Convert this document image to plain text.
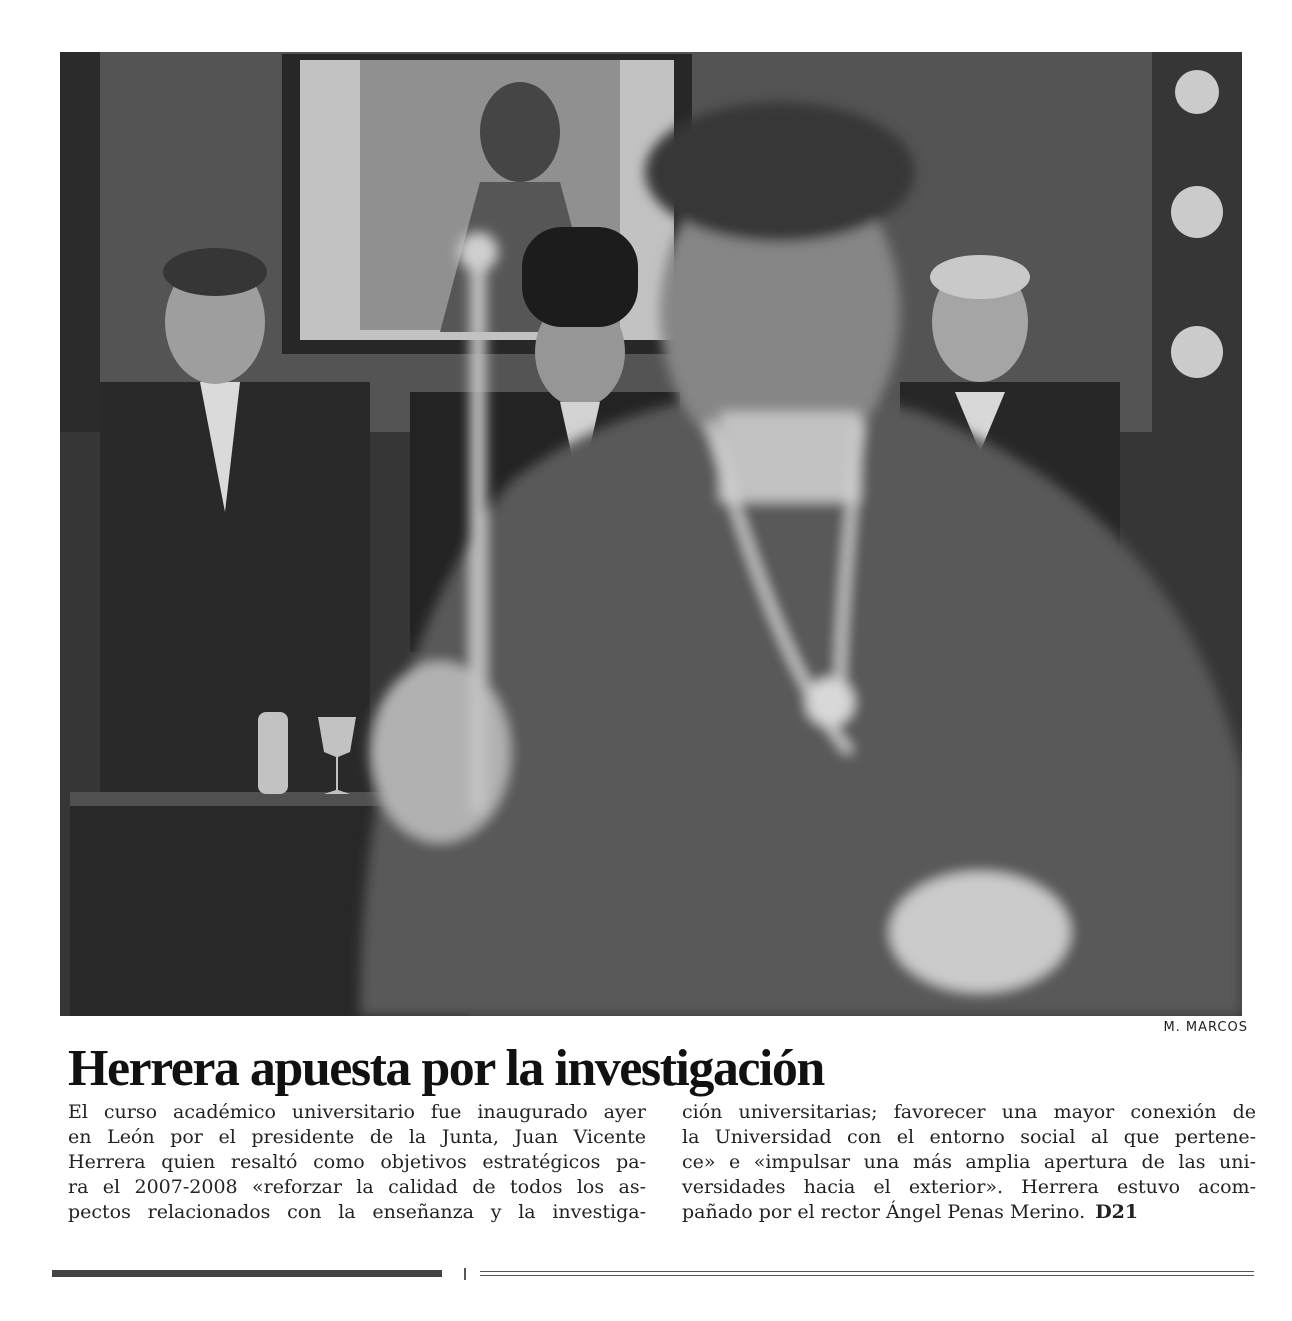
M. MARCOS
Herrera apuesta por la investigación
El curso académico universitario fue inaugurado ayer
en León por el presidente de la Junta, Juan Vicente
Herrera quien resaltó como objetivos estratégicos pa-
ra el 2007-2008 «reforzar la calidad de todos los as-
pectos relacionados con la enseñanza y la investiga-
ción universitarias; favorecer una mayor conexión de
la Universidad con el entorno social al que pertene-
ce» e «impulsar una más amplia apertura de las uni-
versidades hacia el exterior». Herrera estuvo acom-
pañado por el rector Ángel Penas Merino. D21
